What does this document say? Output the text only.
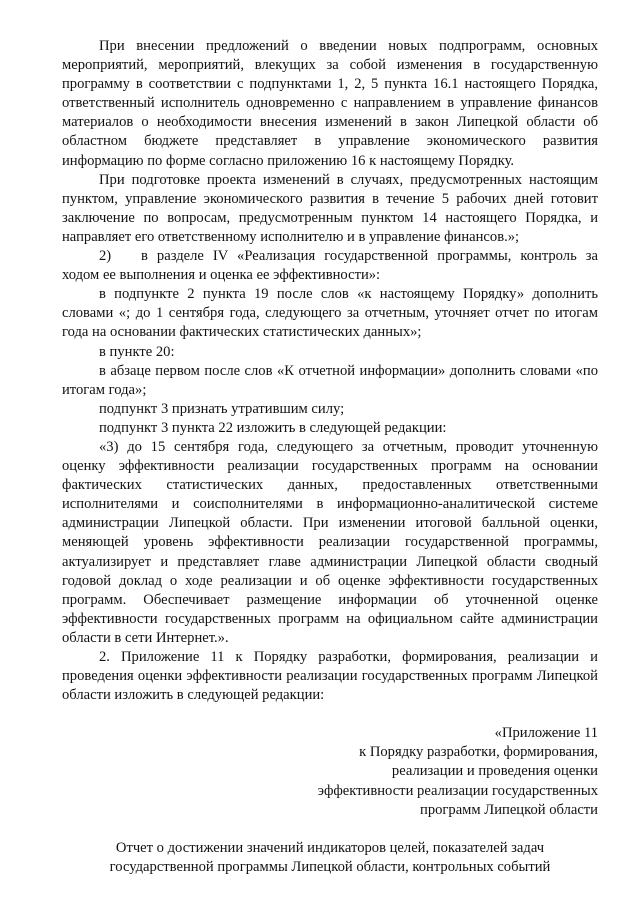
При внесении предложений о введении новых подпрограмм, основных мероприятий, мероприятий, влекущих за собой изменения в государственную программу в соответствии с подпунктами 1, 2, 5 пункта 16.1 настоящего Порядка, ответственный исполнитель одновременно с направлением в управление финансов материалов о необходимости внесения изменений в закон Липецкой области об областном бюджете представляет в управление экономического развития информацию по форме согласно приложению 16 к настоящему Порядку.

При подготовке проекта изменений в случаях, предусмотренных настоящим пунктом, управление экономического развития в течение 5 рабочих дней готовит заключение по вопросам, предусмотренным пунктом 14 настоящего Порядка, и направляет его ответственному исполнителю и в управление финансов.»;

2) в разделе IV «Реализация государственной программы, контроль за ходом ее выполнения и оценка ее эффективности»:

в подпункте 2 пункта 19 после слов «к настоящему Порядку» дополнить словами «; до 1 сентября года, следующего за отчетным, уточняет отчет по итогам года на основании фактических статистических данных»;

в пункте 20:

в абзаце первом после слов «К отчетной информации» дополнить словами «по итогам года»;

подпункт 3 признать утратившим силу;

подпункт 3 пункта 22 изложить в следующей редакции:

«3) до 15 сентября года, следующего за отчетным, проводит уточненную оценку эффективности реализации государственных программ на основании фактических статистических данных, предоставленных ответственными исполнителями и соисполнителями в информационно-аналитической системе администрации Липецкой области. При изменении итоговой балльной оценки, меняющей уровень эффективности реализации государственной программы, актуализирует и представляет главе администрации Липецкой области сводный годовой доклад о ходе реализации и об оценке эффективности государственных программ. Обеспечивает размещение информации об уточненной оценке эффективности государственных программ на официальном сайте администрации области в сети Интернет.».

2. Приложение 11 к Порядку разработки, формирования, реализации и проведения оценки эффективности реализации государственных программ Липецкой области изложить в следующей редакции:

«Приложение 11
к Порядку разработки, формирования,
реализации и проведения оценки
эффективности реализации государственных
программ Липецкой области

Отчет о достижении значений индикаторов целей, показателей задач
государственной программы Липецкой области, контрольных событий
